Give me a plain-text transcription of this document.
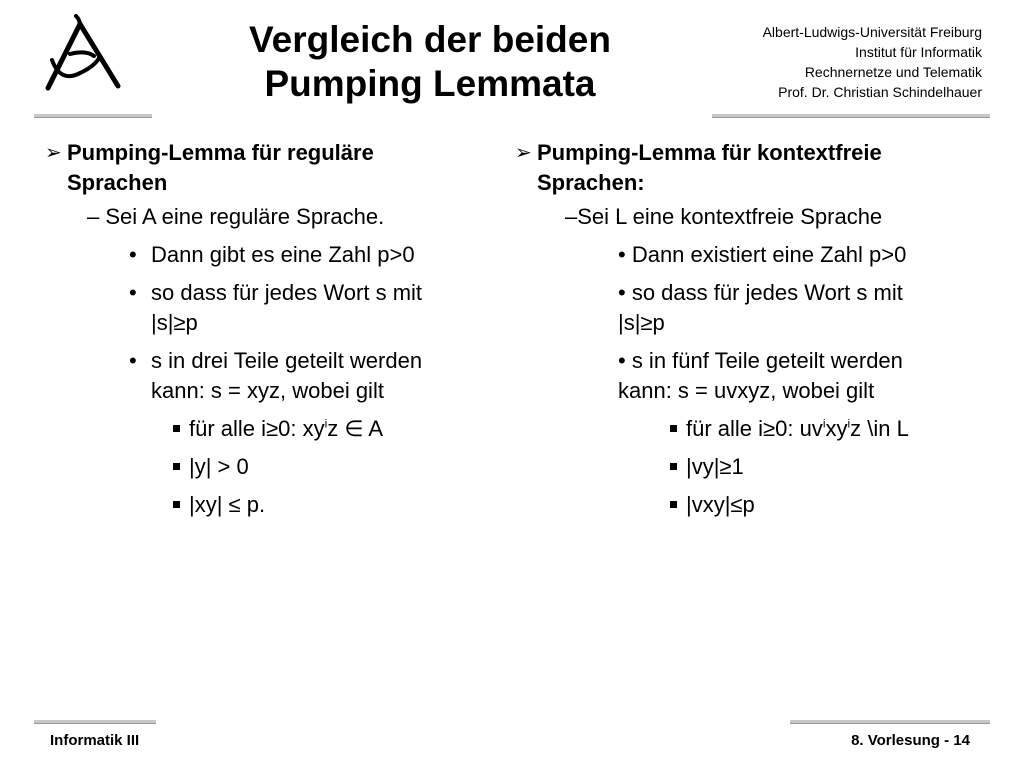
Vergleich der beiden
Pumping Lemmata
Albert-Ludwigs-Universität Freiburg
Institut für Informatik
Rechnernetze und Telematik
Prof. Dr. Christian Schindelhauer
➢ Pumping-Lemma für reguläre
Sprachen
– Sei A eine reguläre Sprache.
• Dann gibt es eine Zahl p>0
• so dass für jedes Wort s mit
|s|≥p
• s in drei Teile geteilt werden
kann: s = xyz, wobei gilt
für alle i≥0: $xy^iz$ ∈ A
|y| > 0
|xy| ≤ p.
➢ Pumping-Lemma für kontextfreie
Sprachen:
–Sei L eine kontextfreie Sprache
• Dann existiert eine Zahl p>0
• so dass für jedes Wort s mit
|s|≥p
• s in fünf Teile geteilt werden
kann: s = uvxyz, wobei gilt
für alle i≥0: $uv^ixy^iz$ \in L
|vy|≥1
|vxy|≤p
Informatik III	8. Vorlesung - 14
